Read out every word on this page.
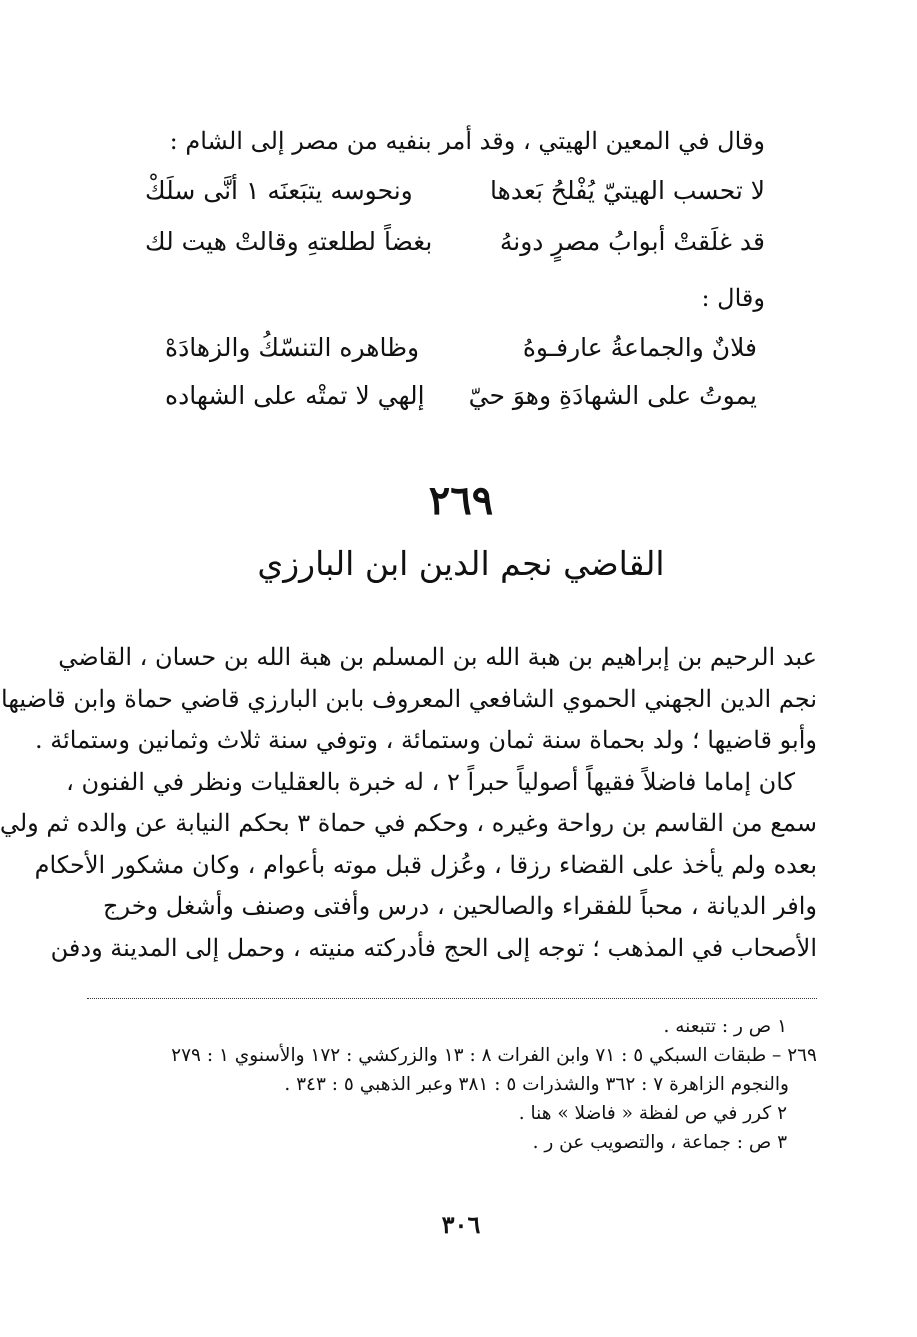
وقال في المعين الهيتي ، وقد أمر بنفيه من مصر إلى الشام :
لا تحسب الهيتيّ يُفْلحُ بَعدها
ونحوسه يتبَعنَه ١ أنَّى سلَكْ
قد غلَقتْ أبوابُ مصرٍ دونهُ
بغضاً لطلعتهِ وقالتْ هيت لك
وقال :
فلانٌ والجماعةُ عارفـوهُ
وظاهره التنسّكُ والزهادَهْ
يموتُ على الشهادَةِ وهوَ حيّ
إلهي لا تمتْه على الشهاده
٢٦٩
القاضي نجم الدين ابن البارزي
عبد الرحيم بن إبراهيم بن هبة الله بن المسلم بن هبة الله بن حسان ، القاضي
نجم الدين الجهني الحموي الشافعي المعروف بابن البارزي قاضي حماة وابن قاضيها
وأبو قاضيها ؛ ولد بحماة سنة ثمان وستمائة ، وتوفي سنة ثلاث وثمانين وستمائة .
كان إماما فاضلاً فقيهاً أصولياً حبراً ٢ ، له خبرة بالعقليات ونظر في الفنون ،
سمع من القاسم بن رواحة وغيره ، وحكم في حماة ٣ بحكم النيابة عن والده ثم ولي
بعده ولم يأخذ على القضاء رزقا ، وعُزل قبل موته بأعوام ، وكان مشكور الأحكام
وافر الديانة ، محباً للفقراء والصالحين ، درس وأفتى وصنف وأشغل وخرج
الأصحاب في المذهب ؛ توجه إلى الحج فأدركته منيته ، وحمل إلى المدينة ودفن
١ ص ر : تتبعنه .
٢٦٩ – طبقات السبكي ٥ : ٧١ وابن الفرات ٨ : ١٣ والزركشي : ١٧٢ والأسنوي ١ : ٢٧٩
والنجوم الزاهرة ٧ : ٣٦٢ والشذرات ٥ : ٣٨١ وعبر الذهبي ٥ : ٣٤٣ .
٢ كرر في ص لفظة « فاضلا » هنا .
٣ ص : جماعة ، والتصويب عن ر .
٣٠٦
